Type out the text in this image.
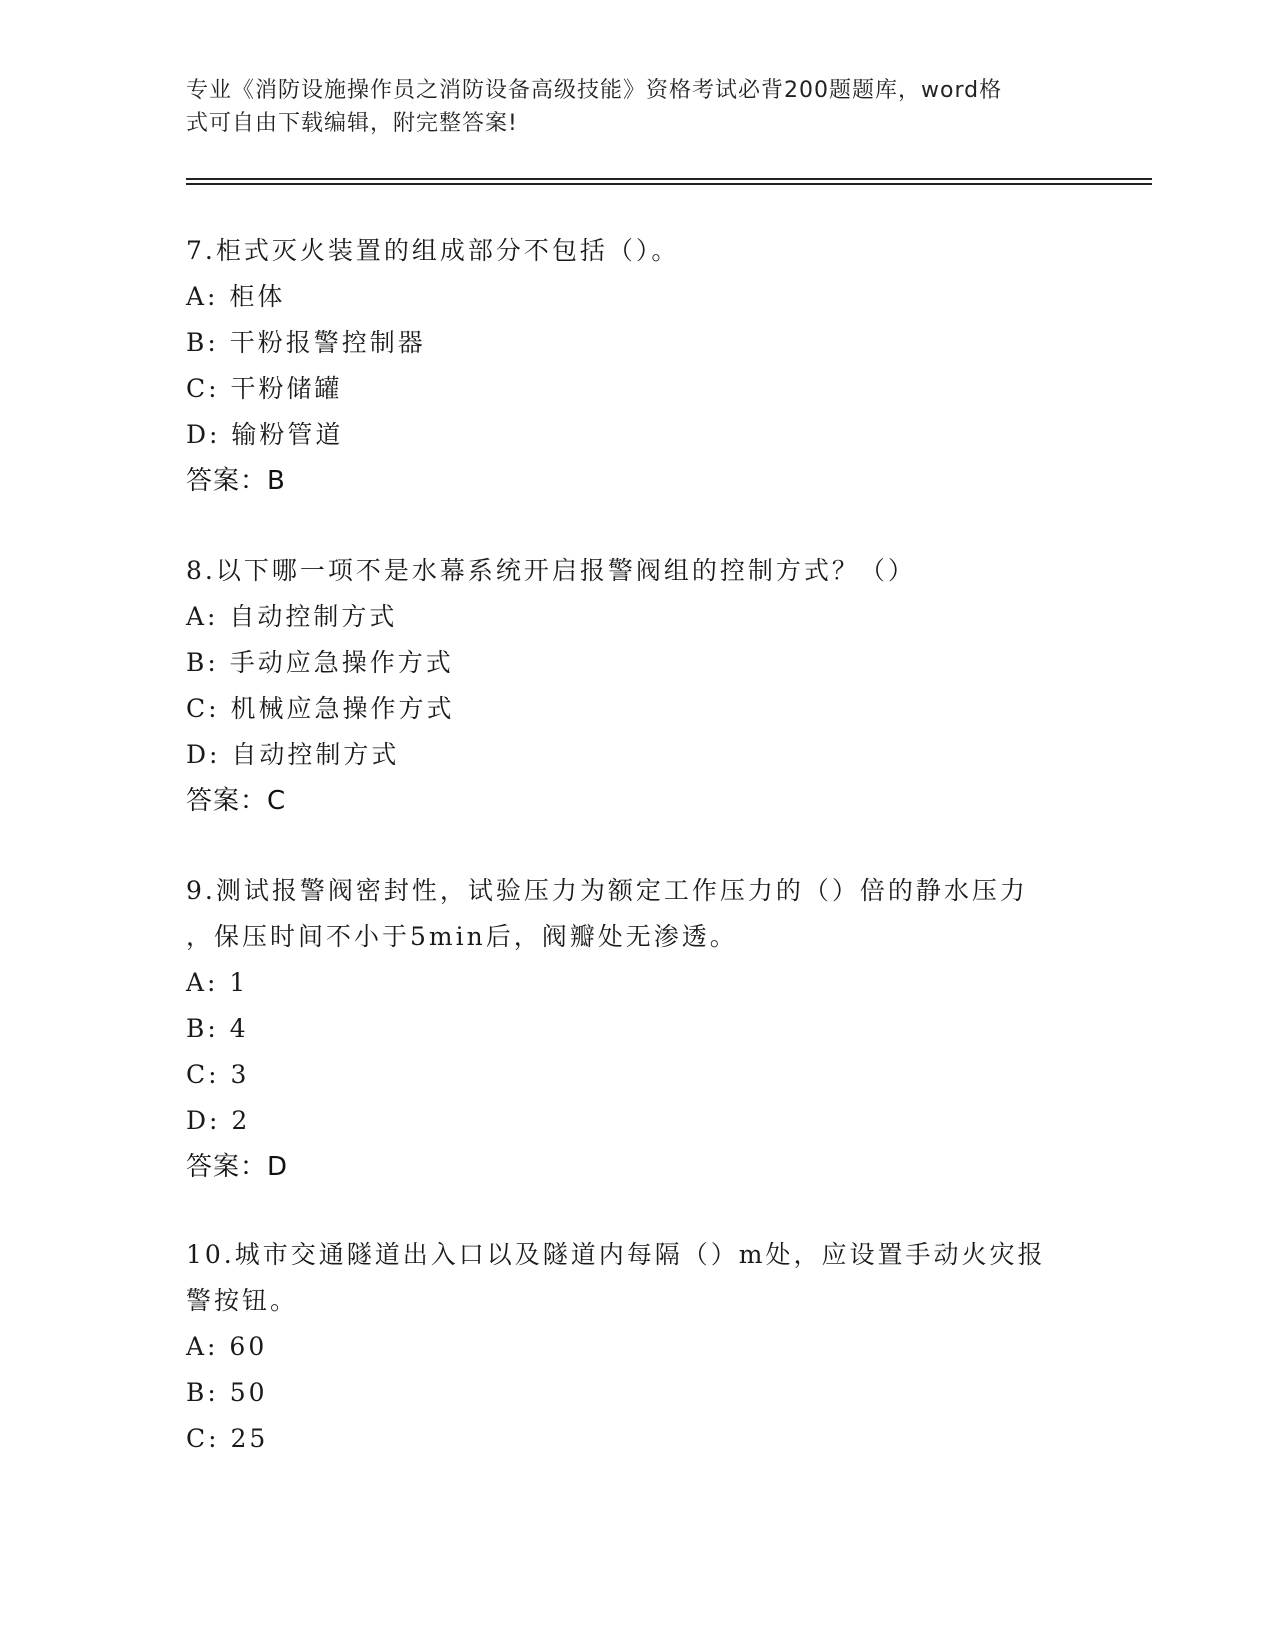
专业《消防设施操作员之消防设备高级技能》资格考试必背200题题库，word格
式可自由下载编辑，附完整答案!

7.柜式灭火装置的组成部分不包括（）。

A: 柜体

B: 干粉报警控制器

C: 干粉储罐

D: 输粉管道

答案：B

8.以下哪一项不是水幕系统开启报警阀组的控制方式？（）

A: 自动控制方式

B: 手动应急操作方式

C: 机械应急操作方式

D: 自动控制方式

答案：C

9.测试报警阀密封性，试验压力为额定工作压力的（）倍的静水压力

，保压时间不小于5min后，阀瓣处无渗透。

A: 1

B: 4

C: 3

D: 2

答案：D

10.城市交通隧道出入口以及隧道内每隔（）m处，应设置手动火灾报

警按钮。

A: 60

B: 50

C: 25
